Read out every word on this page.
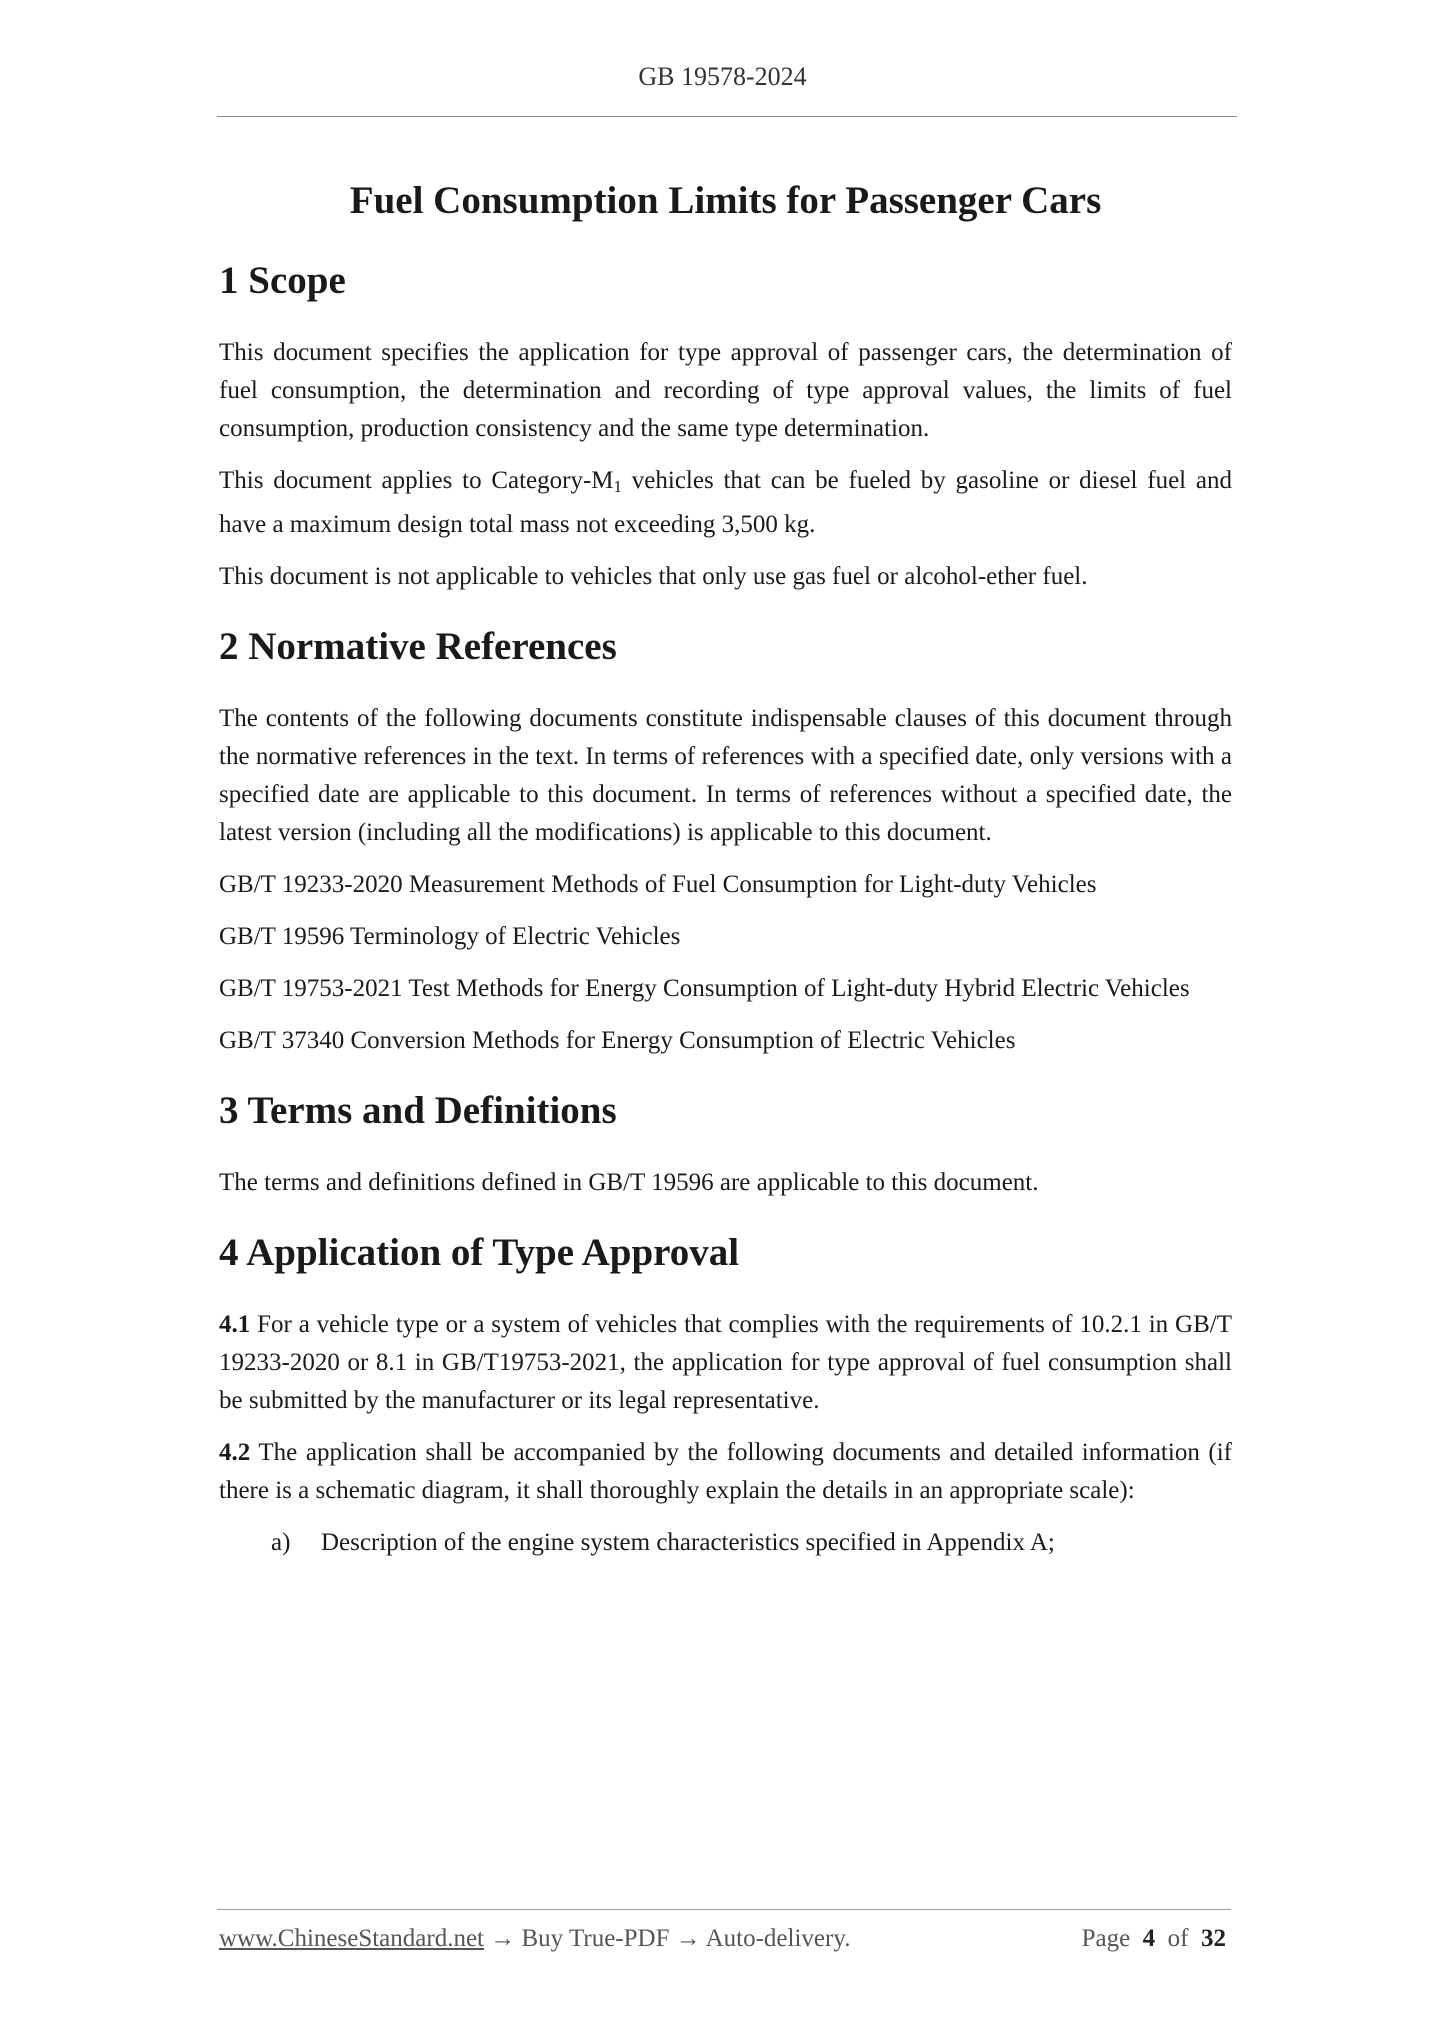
GB 19578-2024
Fuel Consumption Limits for Passenger Cars
1 Scope

This document specifies the application for type approval of passenger cars, the determination of fuel consumption, the determination and recording of type approval values, the limits of fuel consumption, production consistency and the same type determination.

This document applies to Category-$M_1$ vehicles that can be fueled by gasoline or diesel fuel and have a maximum design total mass not exceeding 3,500 kg.

This document is not applicable to vehicles that only use gas fuel or alcohol-ether fuel.

2 Normative References

The contents of the following documents constitute indispensable clauses of this document through the normative references in the text. In terms of references with a specified date, only versions with a specified date are applicable to this document. In terms of references without a specified date, the latest version (including all the modifications) is applicable to this document.

GB/T 19233-2020 Measurement Methods of Fuel Consumption for Light-duty Vehicles

GB/T 19596 Terminology of Electric Vehicles

GB/T 19753-2021 Test Methods for Energy Consumption of Light-duty Hybrid Electric Vehicles

GB/T 37340 Conversion Methods for Energy Consumption of Electric Vehicles

3 Terms and Definitions

The terms and definitions defined in GB/T 19596 are applicable to this document.

4 Application of Type Approval

4.1 For a vehicle type or a system of vehicles that complies with the requirements of 10.2.1 in GB/T 19233-2020 or 8.1 in GB/T19753-2021, the application for type approval of fuel consumption shall be submitted by the manufacturer or its legal representative.

4.2 The application shall be accompanied by the following documents and detailed information (if there is a schematic diagram, it shall thoroughly explain the details in an appropriate scale):

a)	Description of the engine system characteristics specified in Appendix A;
www.ChineseStandard.net → Buy True-PDF → Auto-delivery.	Page 4 of 32
